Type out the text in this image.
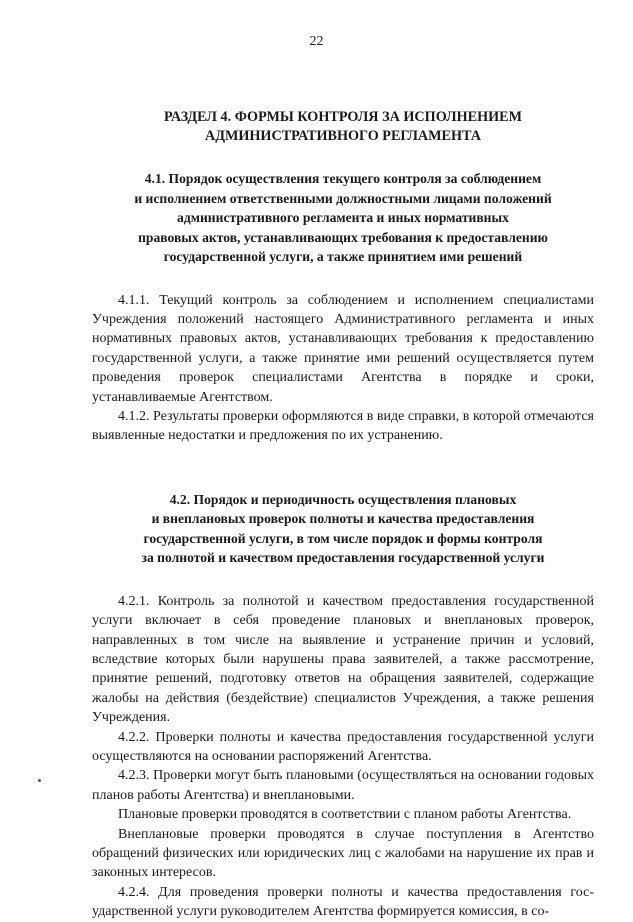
22
РАЗДЕЛ 4. ФОРМЫ КОНТРОЛЯ ЗА ИСПОЛНЕНИЕМ АДМИНИСТРАТИВНОГО РЕГЛАМЕНТА
4.1. Порядок осуществления текущего контроля за соблюдением
и исполнением ответственными должностными лицами положений
административного регламента и иных нормативных
правовых актов, устанавливающих требования к предоставлению
государственной услуги, а также принятием ими решений

4.1.1. Текущий контроль за соблюдением и исполнением специалистами Учреждения положений настоящего Административного регламента и иных нормативных правовых актов, устанавливающих требования к предоставлению государственной услуги, а также принятие ими решений осуществляется путем проведения проверок специалистами Агентства в порядке и сроки, устанавливаемые Агентством.

4.1.2. Результаты проверки оформляются в виде справки, в которой отмечаются выявленные недостатки и предложения по их устранению.

4.2. Порядок и периодичность осуществления плановых
и внеплановых проверок полноты и качества предоставления
государственной услуги, в том числе порядок и формы контроля
за полнотой и качеством предоставления государственной услуги

4.2.1. Контроль за полнотой и качеством предоставления государственной услуги включает в себя проведение плановых и внеплановых проверок, направленных в том числе на выявление и устранение причин и условий, вследствие которых были нарушены права заявителей, а также рассмотрение, принятие решений, подготовку ответов на обращения заявителей, содержащие жалобы на действия (бездействие) специалистов Учреждения, а также решения Учреждения.

4.2.2. Проверки полноты и качества предоставления государственной услуги осуществляются на основании распоряжений Агентства.

4.2.3. Проверки могут быть плановыми (осуществляться на основании годовых планов работы Агентства) и внеплановыми.

Плановые проверки проводятся в соответствии с планом работы Агентства.

Внеплановые проверки проводятся в случае поступления в Агентство обращений физических или юридических лиц с жалобами на нарушение их прав и законных интересов.

4.2.4. Для проведения проверки полноты и качества предоставления государственной услуги руководителем Агентства формируется комиссия, в со-
